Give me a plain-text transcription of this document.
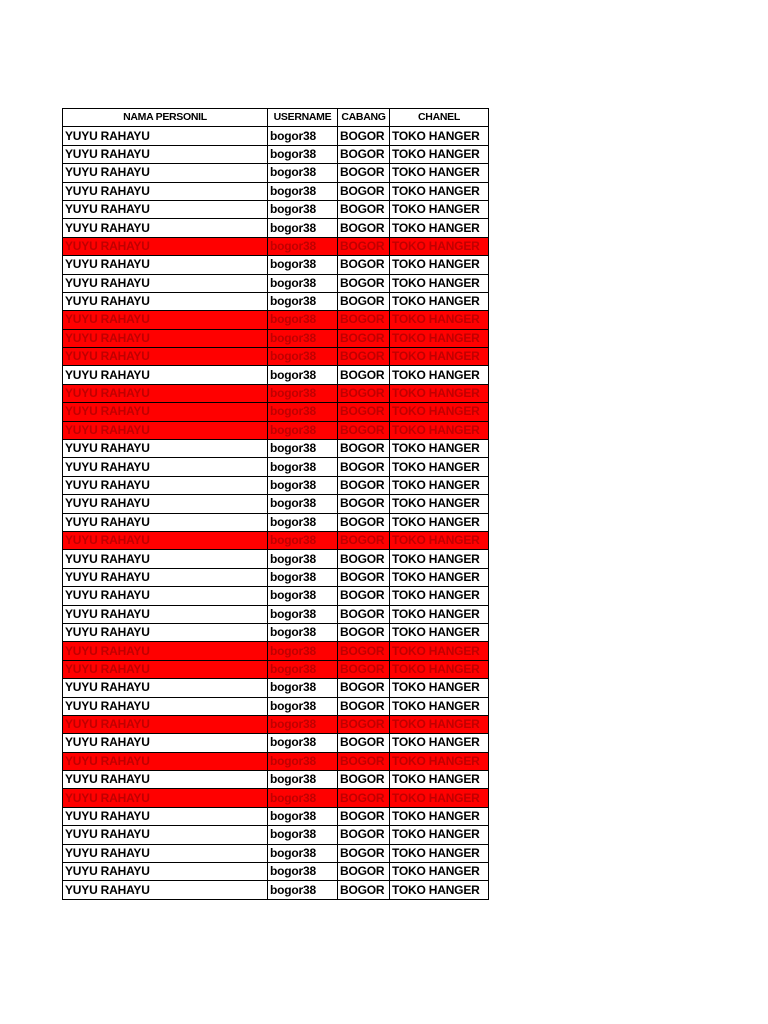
NAMA PERSONIL	USERNAME	CABANG	CHANEL
YUYU RAHAYU	bogor38	BOGOR	TOKO HANGER
YUYU RAHAYU	bogor38	BOGOR	TOKO HANGER
YUYU RAHAYU	bogor38	BOGOR	TOKO HANGER
YUYU RAHAYU	bogor38	BOGOR	TOKO HANGER
YUYU RAHAYU	bogor38	BOGOR	TOKO HANGER
YUYU RAHAYU	bogor38	BOGOR	TOKO HANGER
YUYU RAHAYU	bogor38	BOGOR	TOKO HANGER
YUYU RAHAYU	bogor38	BOGOR	TOKO HANGER
YUYU RAHAYU	bogor38	BOGOR	TOKO HANGER
YUYU RAHAYU	bogor38	BOGOR	TOKO HANGER
YUYU RAHAYU	bogor38	BOGOR	TOKO HANGER
YUYU RAHAYU	bogor38	BOGOR	TOKO HANGER
YUYU RAHAYU	bogor38	BOGOR	TOKO HANGER
YUYU RAHAYU	bogor38	BOGOR	TOKO HANGER
YUYU RAHAYU	bogor38	BOGOR	TOKO HANGER
YUYU RAHAYU	bogor38	BOGOR	TOKO HANGER
YUYU RAHAYU	bogor38	BOGOR	TOKO HANGER
YUYU RAHAYU	bogor38	BOGOR	TOKO HANGER
YUYU RAHAYU	bogor38	BOGOR	TOKO HANGER
YUYU RAHAYU	bogor38	BOGOR	TOKO HANGER
YUYU RAHAYU	bogor38	BOGOR	TOKO HANGER
YUYU RAHAYU	bogor38	BOGOR	TOKO HANGER
YUYU RAHAYU	bogor38	BOGOR	TOKO HANGER
YUYU RAHAYU	bogor38	BOGOR	TOKO HANGER
YUYU RAHAYU	bogor38	BOGOR	TOKO HANGER
YUYU RAHAYU	bogor38	BOGOR	TOKO HANGER
YUYU RAHAYU	bogor38	BOGOR	TOKO HANGER
YUYU RAHAYU	bogor38	BOGOR	TOKO HANGER
YUYU RAHAYU	bogor38	BOGOR	TOKO HANGER
YUYU RAHAYU	bogor38	BOGOR	TOKO HANGER
YUYU RAHAYU	bogor38	BOGOR	TOKO HANGER
YUYU RAHAYU	bogor38	BOGOR	TOKO HANGER
YUYU RAHAYU	bogor38	BOGOR	TOKO HANGER
YUYU RAHAYU	bogor38	BOGOR	TOKO HANGER
YUYU RAHAYU	bogor38	BOGOR	TOKO HANGER
YUYU RAHAYU	bogor38	BOGOR	TOKO HANGER
YUYU RAHAYU	bogor38	BOGOR	TOKO HANGER
YUYU RAHAYU	bogor38	BOGOR	TOKO HANGER
YUYU RAHAYU	bogor38	BOGOR	TOKO HANGER
YUYU RAHAYU	bogor38	BOGOR	TOKO HANGER
YUYU RAHAYU	bogor38	BOGOR	TOKO HANGER
YUYU RAHAYU	bogor38	BOGOR	TOKO HANGER
